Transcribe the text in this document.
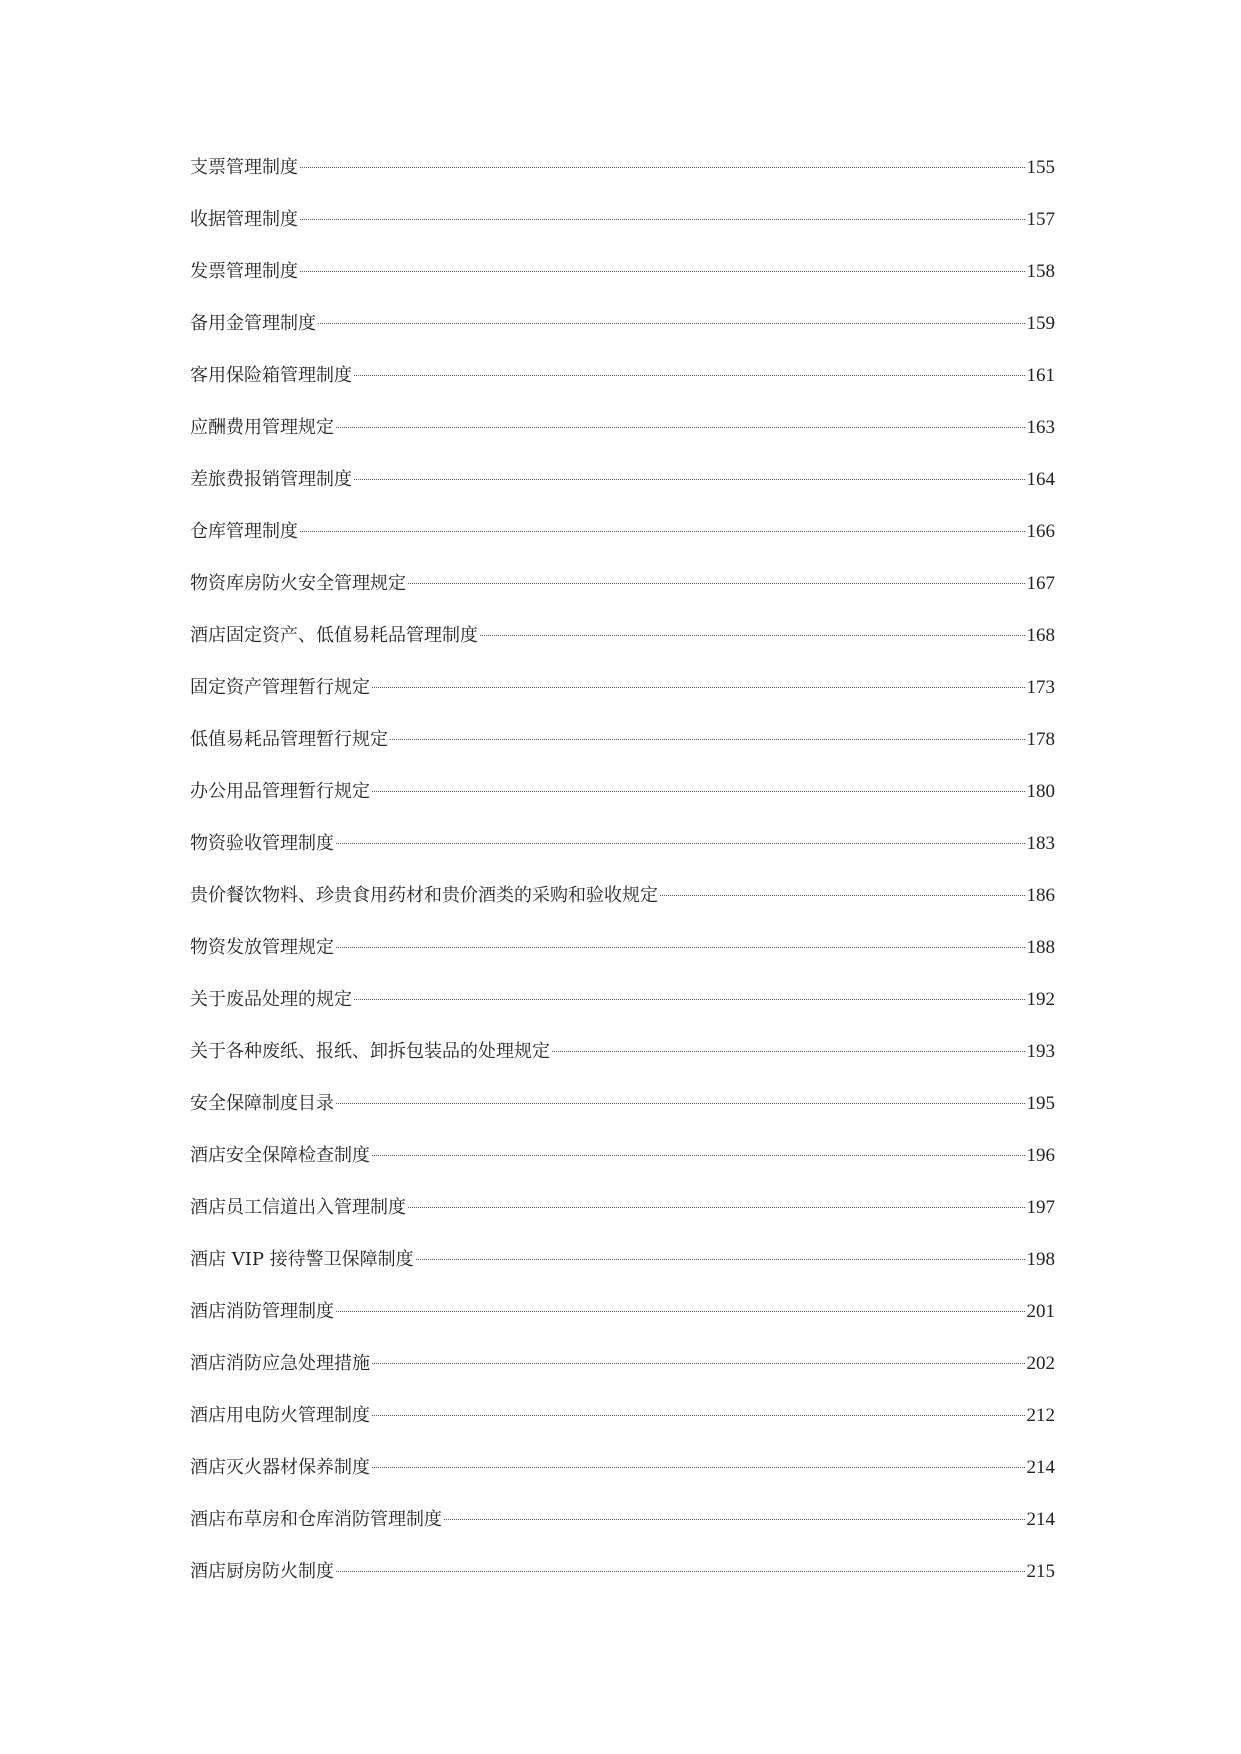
支票管理制度	155
收据管理制度	157
发票管理制度	158
备用金管理制度	159
客用保险箱管理制度	161
应酬费用管理规定	163
差旅费报销管理制度	164
仓库管理制度	166
物资库房防火安全管理规定	167
酒店固定资产、低值易耗品管理制度	168
固定资产管理暂行规定	173
低值易耗品管理暂行规定	178
办公用品管理暂行规定	180
物资验收管理制度	183
贵价餐饮物料、珍贵食用药材和贵价酒类的采购和验收规定	186
物资发放管理规定	188
关于废品处理的规定	192
关于各种废纸、报纸、卸拆包装品的处理规定	193
安全保障制度目录	195
酒店安全保障检查制度	196
酒店员工信道出入管理制度	197
酒店 VIP 接待警卫保障制度	198
酒店消防管理制度	201
酒店消防应急处理措施	202
酒店用电防火管理制度	212
酒店灭火器材保养制度	214
酒店布草房和仓库消防管理制度	214
酒店厨房防火制度	215
